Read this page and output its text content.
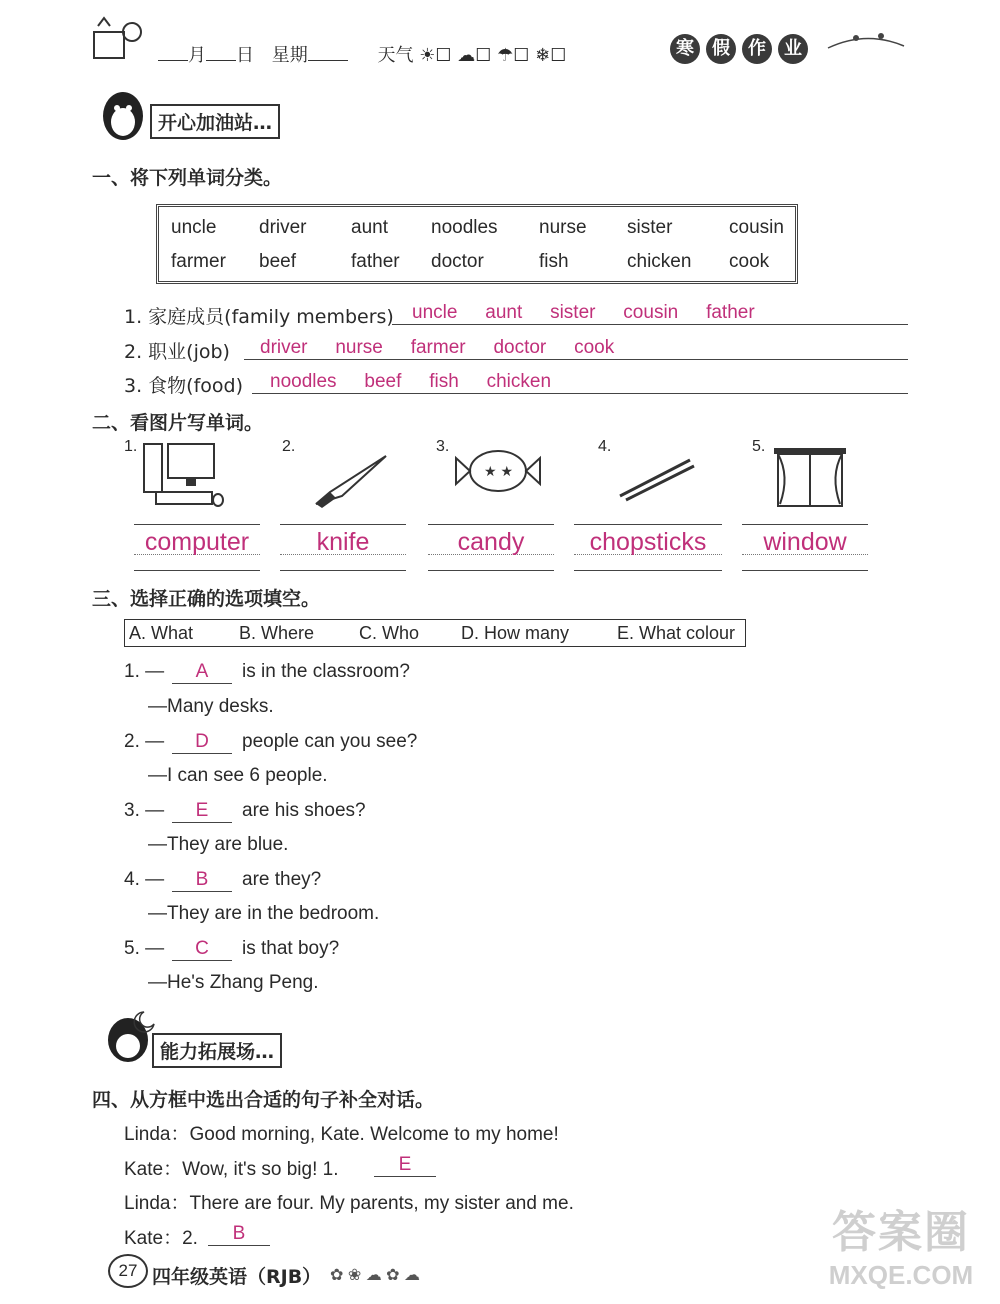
月 日 星期	天气 ☀☐ ☁☐ ☂☐ ❄☐	寒 假 作 业
开心加油站…
一、将下列单词分类。
uncle driver aunt noodles nurse sister	cousin
farmer beef	father doctor	fish	chicken cook
1. 家庭成员(family members) uncle   aunt   sister   cousin   father
2. 职业(job) driver   nurse   farmer   doctor   cook
3. 食物(food) noodles   beef   fish   chicken
二、看图片写单词。
1.	2.	3.
★ ★
4.	5.
computer	knife	candy	chopsticks	window
三、选择正确的选项填空。
A. What	B. Where C. Who D. How many	E. What colour
1. —	A	is in the classroom?
—Many desks.
2. —	D	people can you see?
—I can see 6 people.
3. —	E	are his shoes?
—They are blue.
4. —	B	are they?
—They are in the bedroom.
5. —	C	is that boy?
—He's Zhang Peng.
能力拓展场…
四、从方框中选出合适的句子补全对话。
Linda：Good morning, Kate. Welcome to my home!
Kate：Wow, it's so big! 1.	E
Linda：There are four. My parents, my sister and me.
Kate：2.	B
27 四年级英语（RJB） ✿ ❀ ☁ ✿ ☁
答案圈
MXQE.COM
